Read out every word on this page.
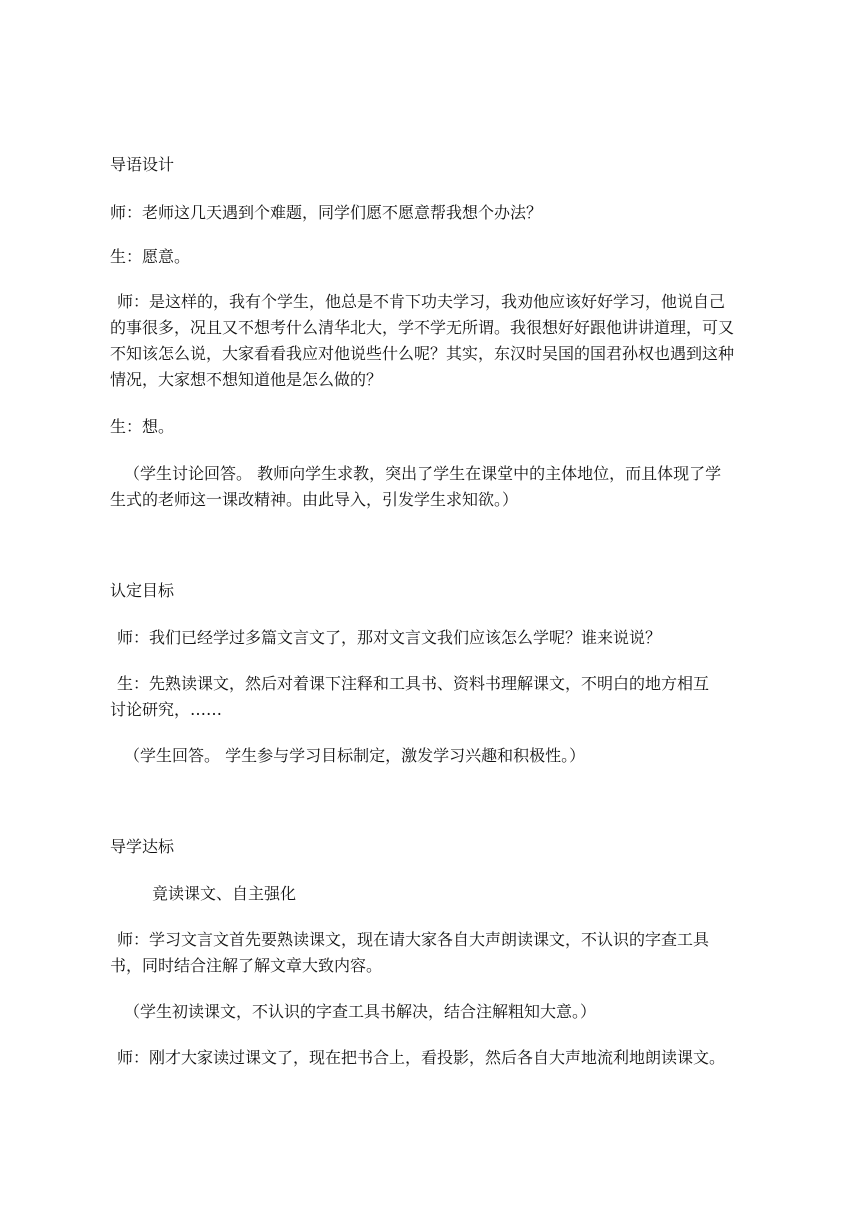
导语设计

师：老师这几天遇到个难题，同学们愿不愿意帮我想个办法？

生：愿意。

师：是这样的，我有个学生，他总是不肯下功夫学习，我劝他应该好好学习，他说自己

的事很多，况且又不想考什么清华北大，学不学无所谓。我很想好好跟他讲讲道理，可又

不知该怎么说，大家看看我应对他说些什么呢？其实，东汉时吴国的国君孙权也遇到这种

情况，大家想不想知道他是怎么做的？

生：想。

（学生讨论回答。 教师向学生求教，突出了学生在课堂中的主体地位，而且体现了学

生式的老师这一课改精神。由此导入，引发学生求知欲。）

认定目标

师：我们已经学过多篇文言文了，那对文言文我们应该怎么学呢？谁来说说？

生：先熟读课文，然后对着课下注释和工具书、资料书理解课文，不明白的地方相互

讨论研究，……

（学生回答。 学生参与学习目标制定，激发学习兴趣和积极性。）

导学达标

竟读课文、自主强化

师：学习文言文首先要熟读课文，现在请大家各自大声朗读课文，不认识的字查工具

书，同时结合注解了解文章大致内容。

（学生初读课文，不认识的字查工具书解决，结合注解粗知大意。）

师：刚才大家读过课文了，现在把书合上，看投影，然后各自大声地流利地朗读课文。
